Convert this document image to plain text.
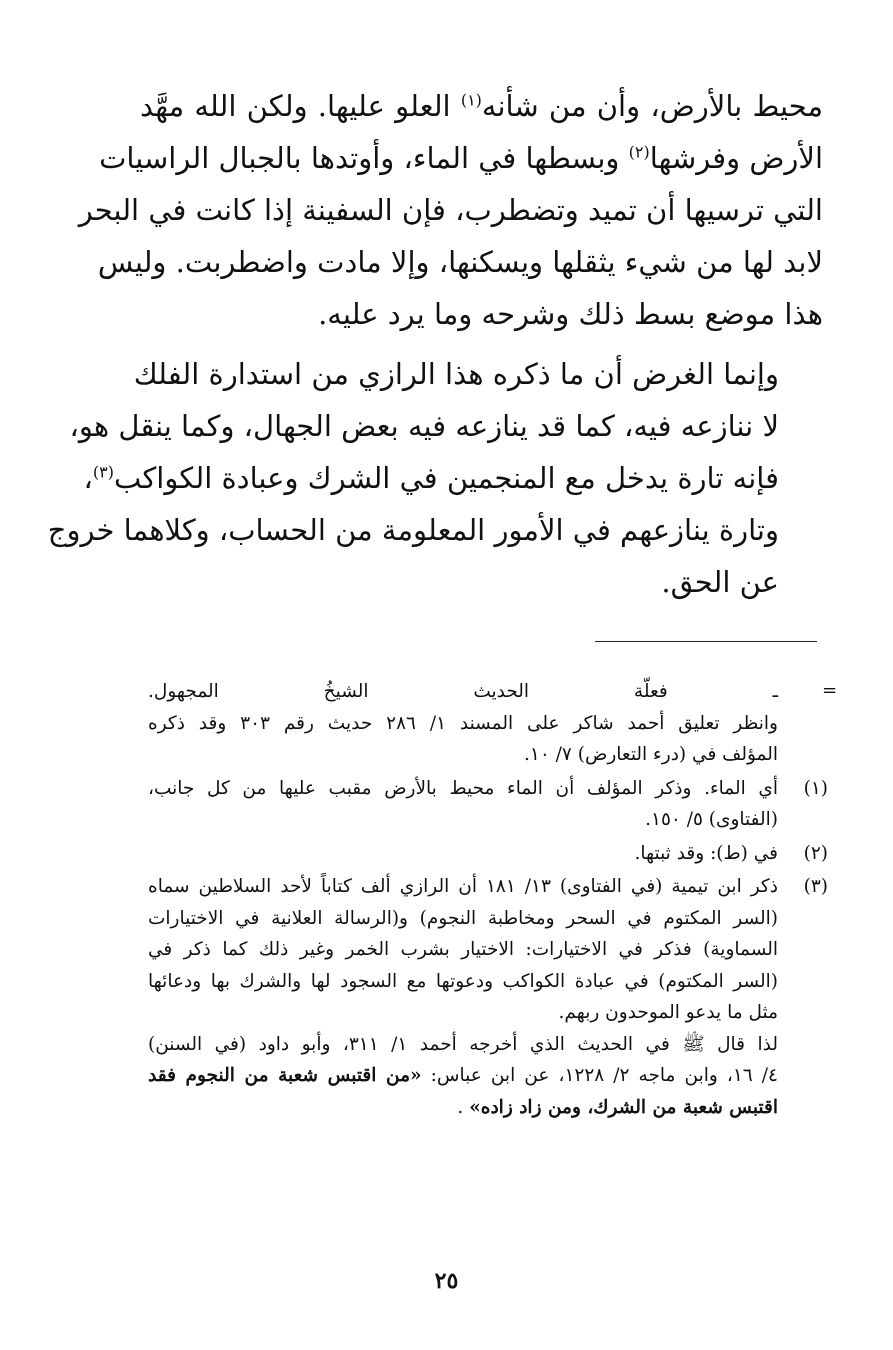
محيط بالأرض، وأن من شأنه$^{(١)}$ العلو عليها. ولكن الله مهَّد
الأرض وفرشها$^{(٢)}$ وبسطها في الماء، وأوتدها بالجبال الراسيات
التي ترسيها أن تميد وتضطرب، فإن السفينة إذا كانت في البحر
لابد لها من شيء يثقلها ويسكنها، وإلا مادت واضطربت. وليس
هذا موضع بسط ذلك وشرحه وما يرد عليه.

وإنما الغرض أن ما ذكره هذا الرازي من استدارة الفلك
لا ننازعه فيه، كما قد ينازعه فيه بعض الجهال، وكما ينقل هو،
فإنه تارة يدخل مع المنجمين في الشرك وعبادة الكواكب$^{(٣)}$،
وتارة ينازعهم في الأمور المعلومة من الحساب، وكلاهما خروج
عن الحق.

=
ـ فعلّة الحديث الشيخُ المجهول.
وانظر تعليق أحمد شاكر على المسند ١/ ٢٨٦ حديث رقم ٣٠٣ وقد ذكره
المؤلف في (درء التعارض) ٧/ ١٠.
(١)
أي الماء. وذكر المؤلف أن الماء محيط بالأرض مقبب عليها من كل جانب،
(الفتاوى) ٥/ ١٥٠.
(٢)
في (ط): وقد ثبتها.
(٣)
ذكر ابن تيمية (في الفتاوى) ١٣/ ١٨١ أن الرازي ألف كتاباً لأحد السلاطين سماه
(السر المكتوم في السحر ومخاطبة النجوم) و(الرسالة العلانية في الاختيارات
السماوية) فذكر في الاختيارات: الاختيار بشرب الخمر وغير ذلك كما ذكر في
(السر المكتوم) في عبادة الكواكب ودعوتها مع السجود لها والشرك بها ودعائها
مثل ما يدعو الموحدون ربهم.
لذا قال ﷺ في الحديث الذي أخرجه أحمد ١/ ٣١١، وأبو داود (في السنن)
٤/ ١٦، وابن ماجه ٢/ ١٢٢٨، عن ابن عباس: «من اقتبس شعبة من النجوم فقد
اقتبس شعبة من الشرك، ومن زاد زاده» .
٢٥
